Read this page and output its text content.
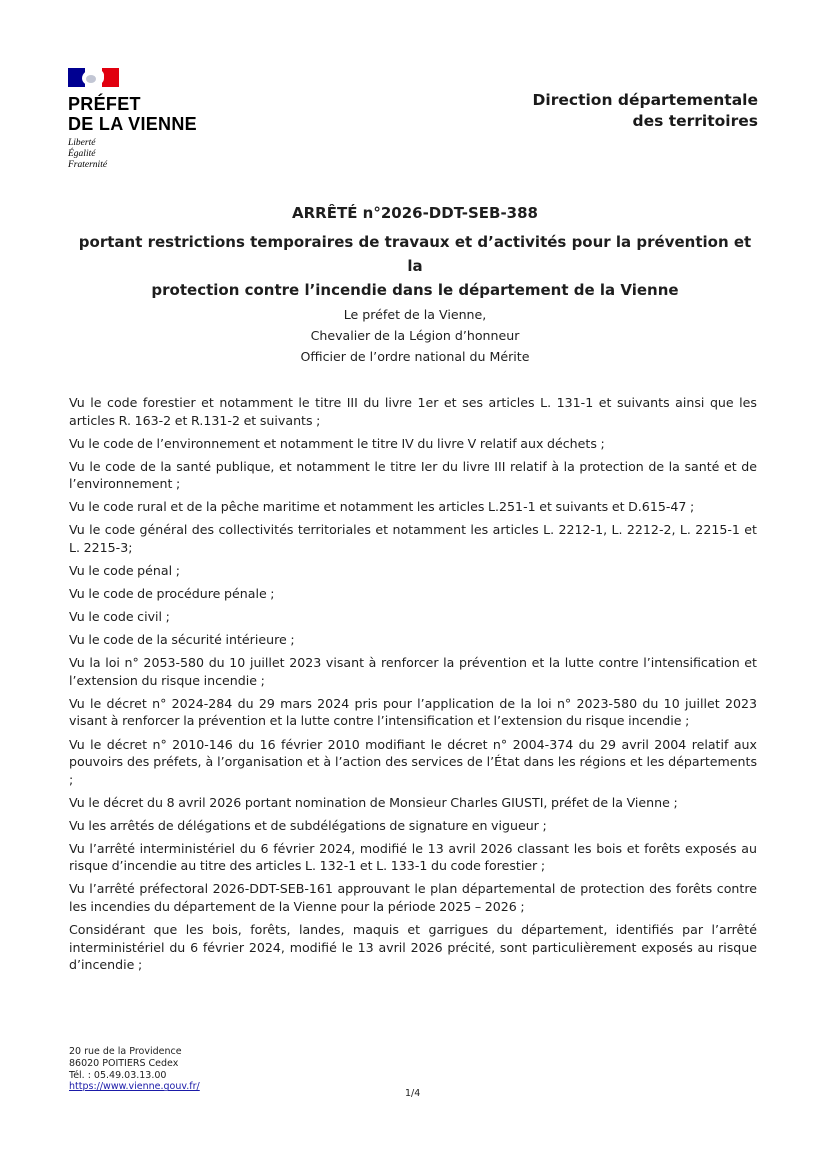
PRÉFET
DE LA VIENNE
Liberté
Égalité
Fraternité
Direction départementale
des territoires
ARRÊTÉ n°2026-DDT-SEB-388
portant restrictions temporaires de travaux et d’activités pour la prévention et la
protection contre l’incendie dans le département de la Vienne
Le préfet de la Vienne,
Chevalier de la Légion d’honneur
Officier de l’ordre national du Mérite

Vu le code forestier et notamment le titre III du livre 1er et ses articles L. 131-1 et suivants ainsi que les articles R. 163-2 et R.131-2 et suivants ;

Vu le code de l’environnement et notamment le titre IV du livre V relatif aux déchets ;

Vu le code de la santé publique, et notamment le titre Ier du livre III relatif à la protection de la santé et de l’environnement ;

Vu le code rural et de la pêche maritime et notamment les articles L.251-1 et suivants et D.615-47 ;

Vu le code général des collectivités territoriales et notamment les articles L. 2212-1, L. 2212-2, L. 2215-1 et L. 2215-3;

Vu le code pénal ;

Vu le code de procédure pénale ;

Vu le code civil ;

Vu le code de la sécurité intérieure ;

Vu la loi n° 2053-580 du 10 juillet 2023 visant à renforcer la prévention et la lutte contre l’intensification et l’extension du risque incendie ;

Vu le décret n° 2024-284 du 29 mars 2024 pris pour l’application de la loi n° 2023-580 du 10 juillet 2023 visant à renforcer la prévention et la lutte contre l’intensification et l’extension du risque incendie ;

Vu le décret n° 2010-146 du 16 février 2010 modifiant le décret n° 2004-374 du 29 avril 2004 relatif aux pouvoirs des préfets, à l’organisation et à l’action des services de l’État dans les régions et les départements ;

Vu le décret du 8 avril 2026 portant nomination de Monsieur Charles GIUSTI, préfet de la Vienne ;

Vu les arrêtés de délégations et de subdélégations de signature en vigueur ;

Vu l’arrêté interministériel du 6 février 2024, modifié le 13 avril 2026 classant les bois et forêts exposés au risque d’incendie au titre des articles L. 132-1 et L. 133-1 du code forestier ;

Vu l’arrêté préfectoral 2026-DDT-SEB-161 approuvant le plan départemental de protection des forêts contre les incendies du département de la Vienne pour la période 2025 – 2026 ;

Considérant que les bois, forêts, landes, maquis et garrigues du département, identifiés par l’arrêté interministériel du 6 février 2024, modifié le 13 avril 2026 précité, sont particulièrement exposés au risque d’incendie ;

20 rue de la Providence
86020 POITIERS Cedex
Tél. : 05.49.03.13.00
https://www.vienne.gouv.fr/
1/4
